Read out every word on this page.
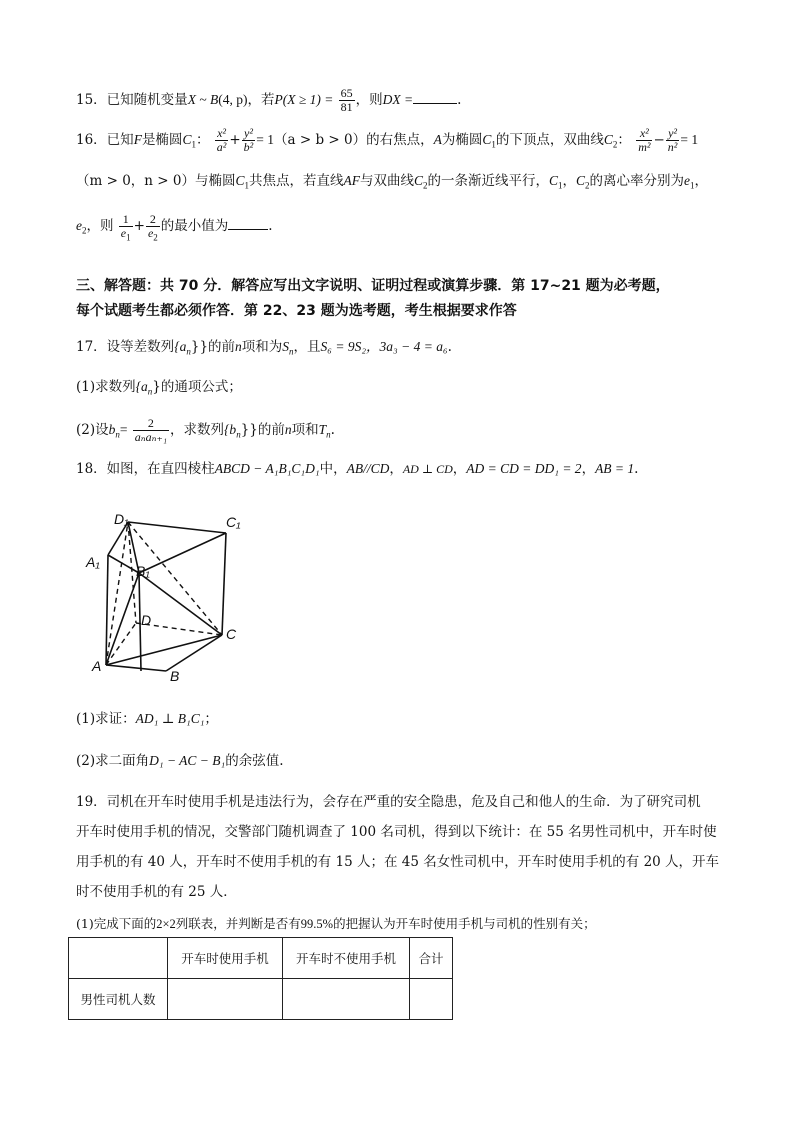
15．已知随机变量X ~ B(4, p)，若$P(X \ge 1) = \frac{65}{81}$ ，则DX =	.
16．已知F是椭圆$C_1$： $\frac{\text{x²}}{\text{a²}} + \frac{\text{y²}}{\text{b²}} = 1(a > b > 0)$的右焦点，A为椭圆$C_1$的下顶点，双曲线$C_2$： $\frac{\text{x²}}{\text{m²}} - \frac{\text{y²}}{\text{n²}} = 1$
（m > 0，n > 0）与椭圆$C_1$共焦点，若直线AF与双曲线$C_2$的一条渐近线平行，$C_1$，$C_2$的离心率分别为$e_1$，
$e_2$，则 $\frac{1}{e_1} + \frac{2}{e_2}$ 的最小值为	.
三、解答题：共 70 分．解答应写出文字说明、证明过程或演算步骤．第 17~21 题为必考题，
每个试题考生都必须作答．第 22、23 题为选考题，考生根据要求作答
17．设等差数列$\{a_n\}$}的前n项和为$S_n$，且S₆ = 9S₂，3a₃ − 4 = a₆.
(1)求数列$\{a_n\}$的通项公式；
(2)设$b_n= \frac{2}{\text{aₙaₙ₊₁}}$ ，求数列$\{b_n\}$}的前n项和$T_n$.
18．如图，在直四棱柱ABCD − A₁B₁C₁D₁中，AB//CD，AD ⊥ CD，AD = CD = DD₁ = 2，AB = 1.
D₁	C₁
A₁
B₁
D
C
A
B
(1)求证：AD₁ ⊥ B₁C₁；
(2)求二面角D₁ − AC − B₁的余弦值.
19．司机在开车时使用手机是违法行为，会存在严重的安全隐患，危及自己和他人的生命．为了研究司机
开车时使用手机的情况，交警部门随机调查了 100 名司机，得到以下统计：在 55 名男性司机中，开车时使
用手机的有 40 人，开车时不使用手机的有 15 人；在 45 名女性司机中，开车时使用手机的有 20 人，开车
时不使用手机的有 25 人．
(1)完成下面的2×2列联表，并判断是否有99.5%的把握认为开车时使用手机与司机的性别有关；
	开车时使用手机	开车时不使用手机	合计
男性司机人数			
